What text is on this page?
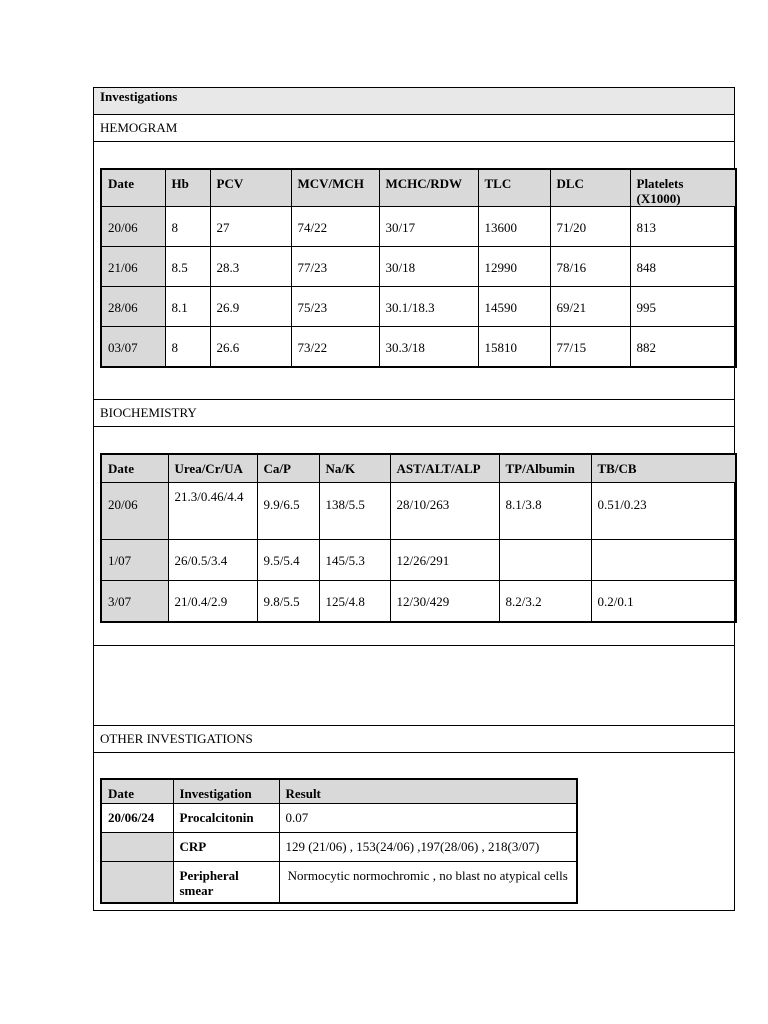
Investigations
HEMOGRAM
BIOCHEMISTRY
OTHER INVESTIGATIONS
Date	Hb	PCV	MCV/MCH	MCHC/RDW	TLC	DLC	Platelets (X1000)
20/06	8	27	74/22	30/17	13600	71/20	813
21/06	8.5	28.3	77/23	30/18	12990	78/16	848
28/06	8.1	26.9	75/23	30.1/18.3	14590	69/21	995
03/07	8	26.6	73/22	30.3/18	15810	77/15	882
Date	Urea/Cr/UA	Ca/P	Na/K	AST/ALT/ALP	TP/Albumin	TB/CB
20/06	21.3/0.46/4.4	9.9/6.5	138/5.5	28/10/263	8.1/3.8	0.51/0.23
1/07	26/0.5/3.4	9.5/5.4	145/5.3	12/26/291		
3/07	21/0.4/2.9	9.8/5.5	125/4.8	12/30/429	8.2/3.2	0.2/0.1
Date	Investigation	Result
20/06/24	Procalcitonin	0.07
	CRP	129 (21/06) , 153(24/06) ,197(28/06) , 218(3/07)
	Peripheral smear	Normocytic normochromic , no blast no atypical cells
